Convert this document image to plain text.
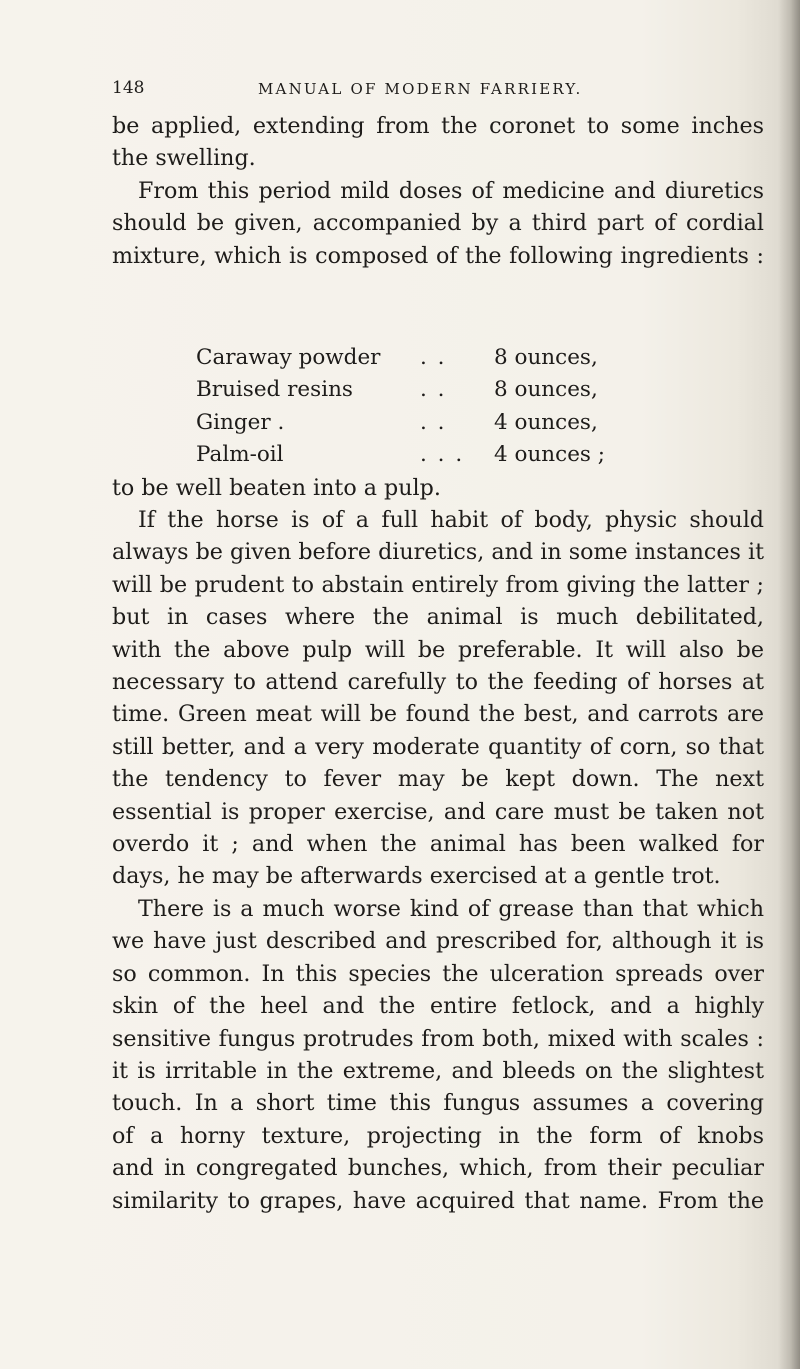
148	MANUAL OF MODERN FARRIERY.
be applied, extending from the coronet to some inches
the swelling.
From this period mild doses of medicine and diuretics
should be given, accompanied by a third part of cordial
mixture, which is composed of the following ingredients :
Caraway powder . . 8 ounces,
Bruised resins	. . 8 ounces,
Ginger .	. . 4 ounces,
Palm-oil	. . . 4 ounces ;
to be well beaten into a pulp.
If the horse is of a full habit of body, physic should
always be given before diuretics, and in some instances it
will be prudent to abstain entirely from giving the latter ;
but in cases where the animal is much debilitated,
with the above pulp will be preferable. It will also be
necessary to attend carefully to the feeding of horses at
time. Green meat will be found the best, and carrots are
still better, and a very moderate quantity of corn, so that
the tendency to fever may be kept down. The next
essential is proper exercise, and care must be taken not
overdo it ; and when the animal has been walked for
days, he may be afterwards exercised at a gentle trot.
There is a much worse kind of grease than that which
we have just described and prescribed for, although it is
so common. In this species the ulceration spreads over
skin of the heel and the entire fetlock, and a highly
sensitive fungus protrudes from both, mixed with scales :
it is irritable in the extreme, and bleeds on the slightest
touch. In a short time this fungus assumes a covering
of a horny texture, projecting in the form of knobs
and in congregated bunches, which, from their peculiar
similarity to grapes, have acquired that name. From the
